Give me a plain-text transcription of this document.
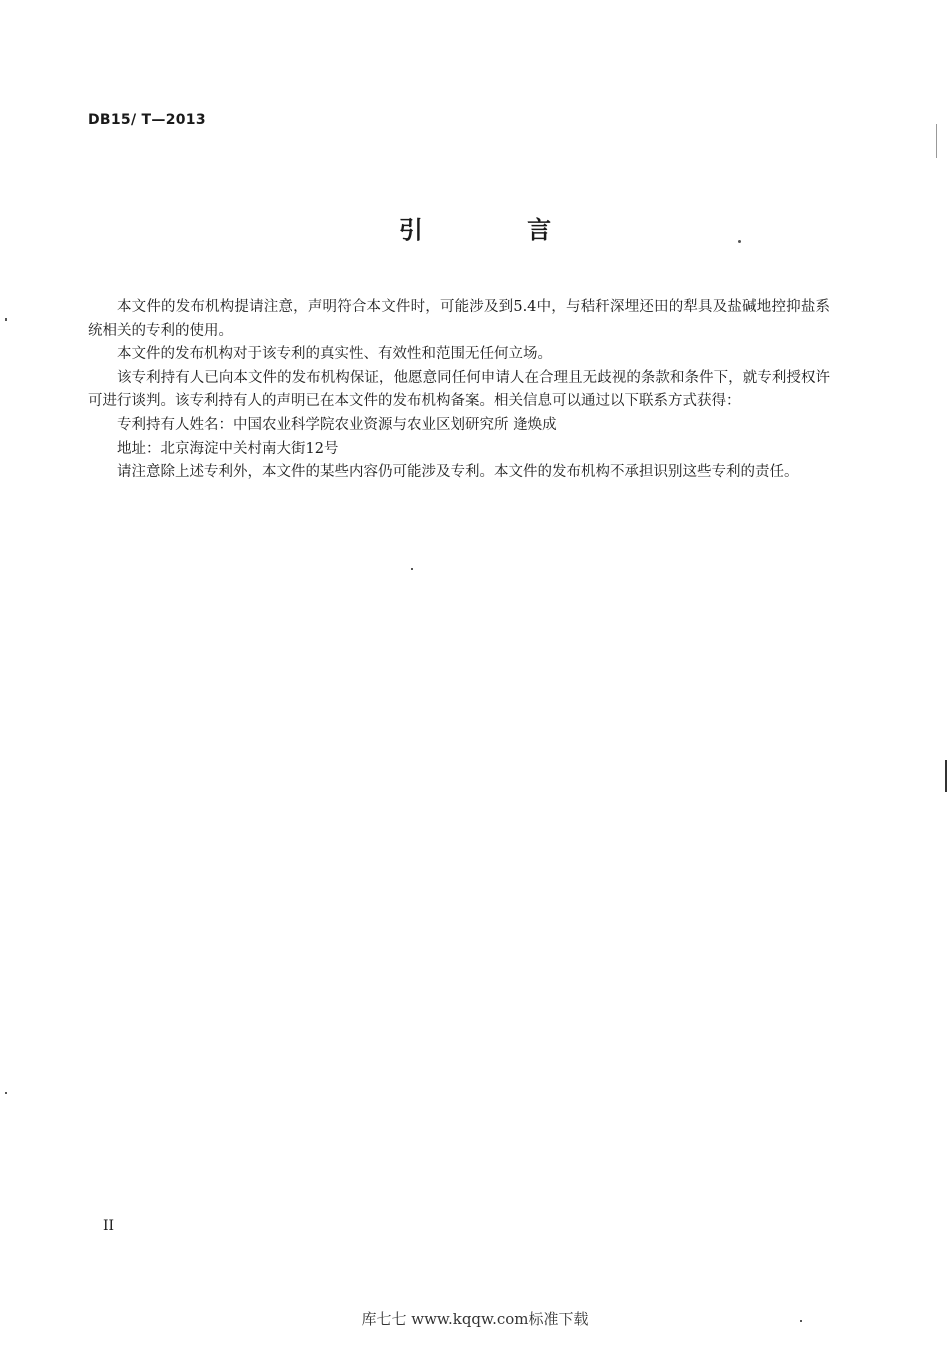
DB15/ T—2013
引 言

本文件的发布机构提请注意，声明符合本文件时，可能涉及到5.4中，与秸秆深埋还田的犁具及盐碱地控抑盐系统相关的专利的使用。

本文件的发布机构对于该专利的真实性、有效性和范围无任何立场。

该专利持有人已向本文件的发布机构保证，他愿意同任何申请人在合理且无歧视的条款和条件下，就专利授权许可进行谈判。该专利持有人的声明已在本文件的发布机构备案。相关信息可以通过以下联系方式获得：

专利持有人姓名：中国农业科学院农业资源与农业区划研究所 逄焕成

地址：北京海淀中关村南大街12号

请注意除上述专利外，本文件的某些内容仍可能涉及专利。本文件的发布机构不承担识别这些专利的责任。

II
库七七 www.kqqw.com标准下载
